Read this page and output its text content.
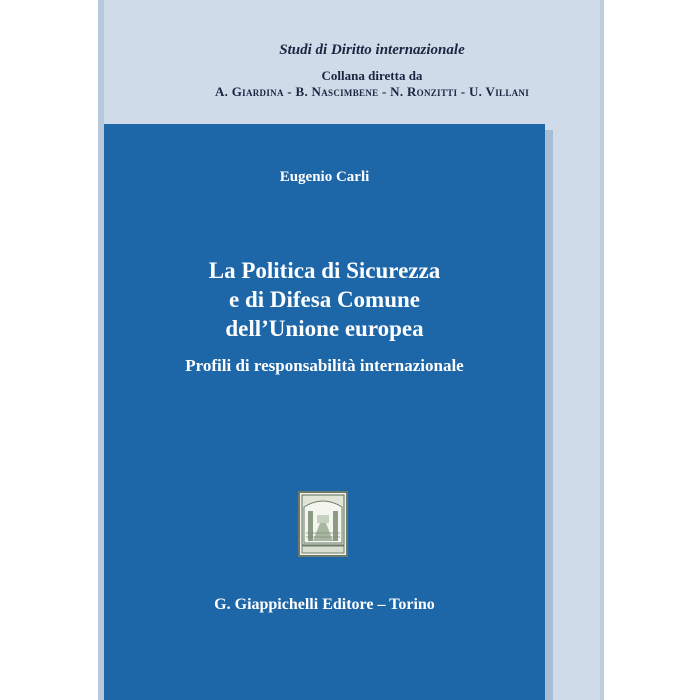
Studi di Diritto internazionale
Collana diretta da
A. Giardina - B. Nascimbene - N. Ronzitti - U. Villani
Eugenio Carli
La Politica di Sicurezza
e di Difesa Comune
dell’Unione europea
Profili di responsabilità internazionale
G. Giappichelli Editore – Torino
